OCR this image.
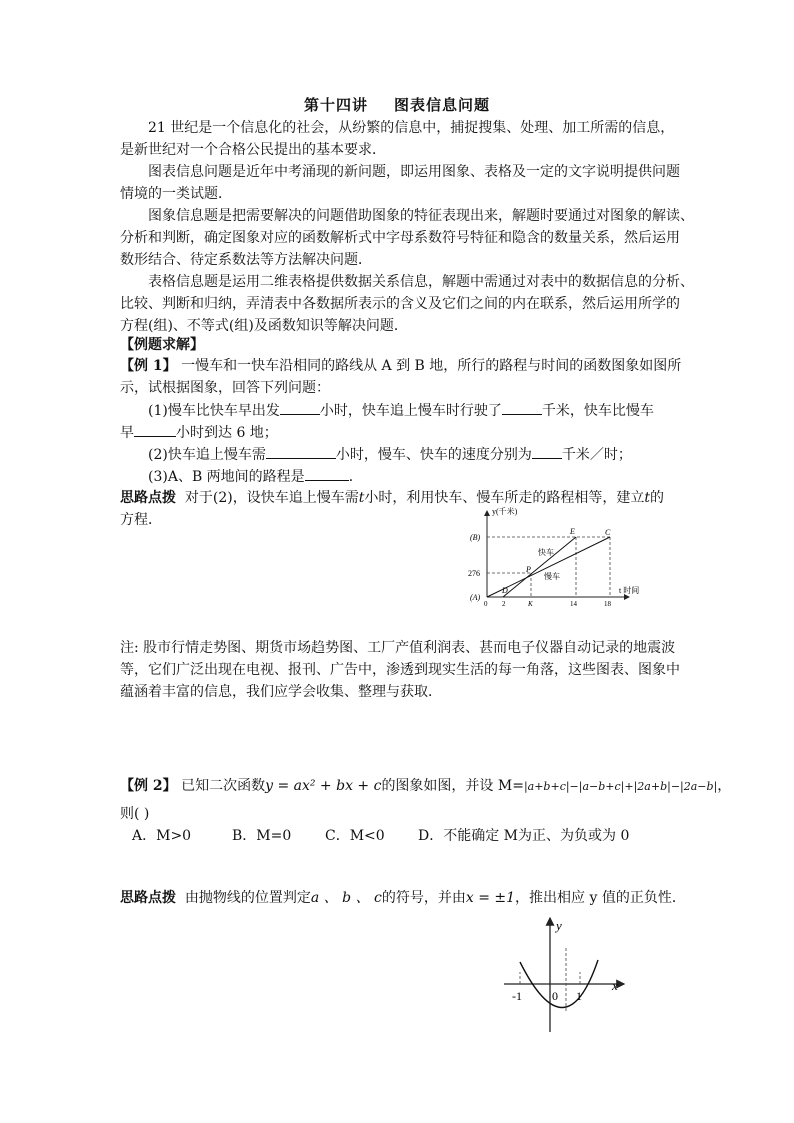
第十四讲 图表信息问题
21 世纪是一个信息化的社会，从纷繁的信息中，捕捉搜集、处理、加工所需的信息，
是新世纪对一个合格公民提出的基本要求．
图表信息问题是近年中考涌现的新问题，即运用图象、表格及一定的文字说明提供问题
情境的一类试题．
图象信息题是把需要解决的问题借助图象的特征表现出来，解题时要通过对图象的解读、
分析和判断，确定图象对应的函数解析式中字母系数符号特征和隐含的数量关系，然后运用
数形结合、待定系数法等方法解决问题．
表格信息题是运用二维表格提供数据关系信息，解题中需通过对表中的数据信息的分析、
比较、判断和归纳，弄清表中各数据所表示的含义及它们之间的内在联系，然后运用所学的
方程(组)、不等式(组)及函数知识等解决问题．
【例题求解】
【例 1】 一慢车和一快车沿相同的路线从 A 到 B 地，所行的路程与时间的函数图象如图所
示，试根据图象，回答下列问题：
(1)慢车比快车早出发	小时，快车追上慢车时行驶了	千米，快车比慢车
早	小时到达 6 地；
(2)快车追上慢车需	小时，慢车、快车的速度分别为 千米／时；
(3)A、B 两地间的路程是	．
思路点拨 对于(2)，设快车追上慢车需t小时，利用快车、慢车所走的路程相等，建立t的
方程．
y(千米)
t 时间
(B)
276
(A)
0 2	K	14	18
E	C
P
D
快车
慢车
注: 股市行情走势图、期货市场趋势图、工厂产值利润表、甚而电子仪器自动记录的地震波
等，它们广泛出现在电视、报刊、广告中，渗透到现实生活的每一角落，这些图表、图象中
蕴涵着丰富的信息，我们应学会收集、整理与获取．
【例 2】 已知二次函数y = ax² + bx + c的图象如图，并设 M=|a+b+c|−|a−b+c|+|2a+b|−|2a−b|，
则( )
A．M>0	B．M=0 C．M<0 D．不能确定 M为正、为负或为 0
思路点拨 由抛物线的位置判定a 、 b 、 c的符号，并由x = ±1，推出相应 y 值的正负性．
y
x
-1	0 1
